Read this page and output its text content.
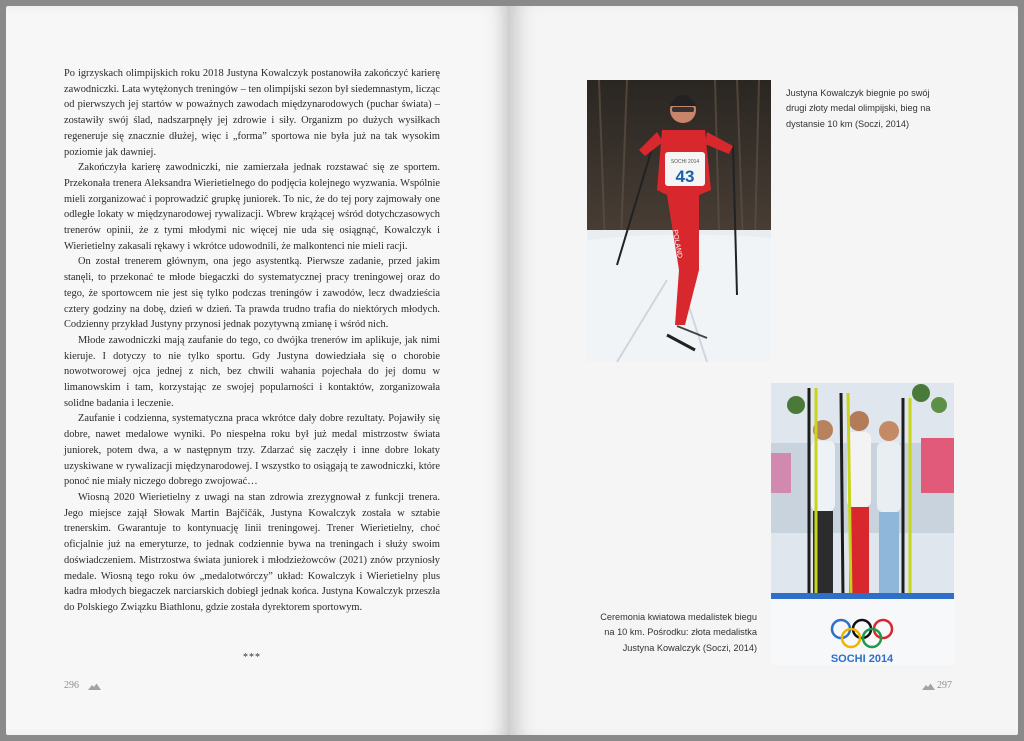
Po igrzyskach olimpijskich roku 2018 Justyna Kowalczyk postanowiła zakończyć karierę zawodniczki. Lata wytężonych treningów – ten olimpijski sezon był siedemnastym, licząc od pierwszych jej startów w poważnych zawodach międzynarodowych (puchar świata) – zostawiły swój ślad, nadszarpnęły jej zdrowie i siły. Organizm po dużych wysiłkach regeneruje się znacznie dłużej, więc i „forma” sportowa nie była już na tak wysokim poziomie jak dawniej.

Zakończyła karierę zawodniczki, nie zamierzała jednak rozstawać się ze sportem. Przekonała trenera Aleksandra Wierietielnego do podjęcia kolejnego wyzwania. Wspólnie mieli zorganizować i poprowadzić grupkę juniorek. To nic, że do tej pory zajmowały one odległe lokaty w międzynarodowej rywalizacji. Wbrew krążącej wśród dotychczasowych trenerów opinii, że z tymi młodymi nic więcej nie uda się osiągnąć, Kowalczyk i Wierietielny zakasali rękawy i wkrótce udowodnili, że malkontenci nie mieli racji.

On został trenerem głównym, ona jego asystentką. Pierwsze zadanie, przed jakim stanęli, to przekonać te młode biegaczki do systematycznej pracy treningowej oraz do tego, że sportowcem nie jest się tylko podczas treningów i zawodów, lecz dwadzieścia cztery godziny na dobę, dzień w dzień. Ta prawda trudno trafia do niektórych młodych. Codzienny przykład Justyny przynosi jednak pozytywną zmianę i wśród nich.

Młode zawodniczki mają zaufanie do tego, co dwójka trenerów im aplikuje, jak nimi kieruje. I dotyczy to nie tylko sportu. Gdy Justyna dowiedziała się o chorobie nowotworowej ojca jednej z nich, bez chwili wahania pojechała do jej domu w limanowskim i tam, korzystając ze swojej popularności i kontaktów, zorganizowała solidne badania i leczenie.

Zaufanie i codzienna, systematyczna praca wkrótce dały dobre rezultaty. Pojawiły się dobre, nawet medalowe wyniki. Po niespełna roku był już medal mistrzostw świata juniorek, potem dwa, a w następnym trzy. Zdarzać się zaczęły i inne dobre lokaty uzyskiwane w rywalizacji międzynarodowej. I wszystko to osiągają te zawodniczki, które ponoć nie miały niczego dobrego zwojować…

Wiosną 2020 Wierietielny z uwagi na stan zdrowia zrezygnował z funkcji trenera. Jego miejsce zajął Słowak Martin Bajčičák, Justyna Kowalczyk została w sztabie trenerskim. Gwarantuje to kontynuację linii treningowej. Trener Wierietielny, choć oficjalnie już na emeryturze, to jednak codziennie bywa na treningach i służy swoim doświadczeniem. Mistrzostwa świata juniorek i młodzieżowców (2021) znów przyniosły medale. Wiosną tego roku ów „medalotwórczy” układ: Kowalczyk i Wierietielny plus kadra młodych biegaczek narciarskich dobiegł jednak końca. Justyna Kowalczyk przeszła do Polskiego Związku Biathlonu, gdzie została dyrektorem sportowym.

***
296	297
SOCHI 2014
43
POLAND
SOCHI 2014
Justyna Kowalczyk biegnie po swój drugi złoty medal olimpijski, bieg na dystansie 10 km (Soczi, 2014)
Ceremonia kwiatowa medalistek biegu na 10 km. Pośrodku: złota medalistka Justyna Kowalczyk (Soczi, 2014)
